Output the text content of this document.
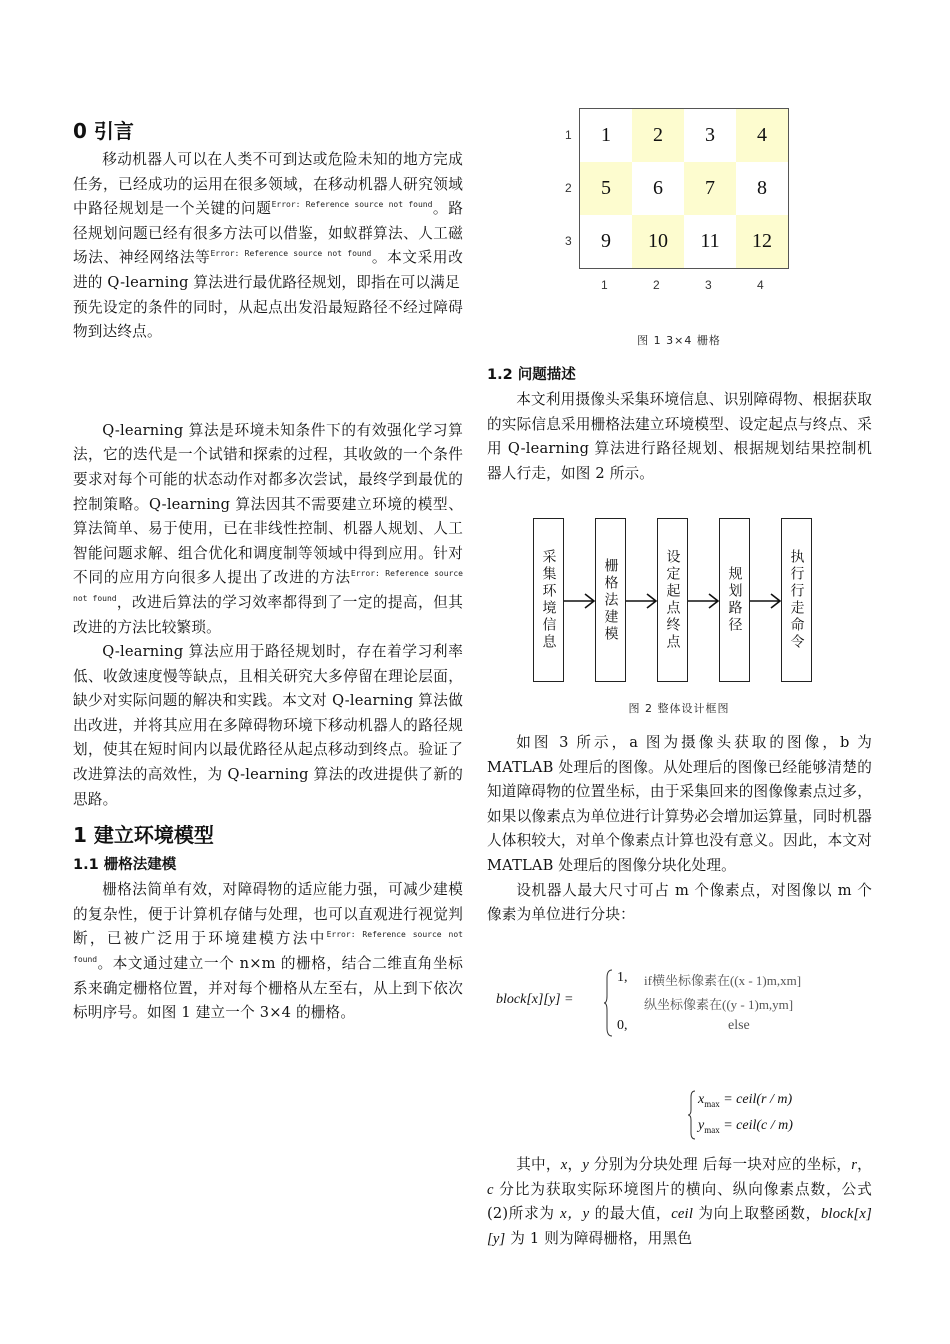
0 引言

移动机器人可以在人类不可到达或危险未知的地方完成任务，已经成功的运用在很多领域，在移动机器人研究领域中路径规划是一个关键的问题$^{Error: Reference source not found}$。路径规划问题已经有很多方法可以借鉴，如蚁群算法、人工磁场法、神经网络法等$^{Error: Reference source not found}$。本文采用改进的 Q-learning 算法进行最优路径规划，即指在可以满足

预先设定的条件的同时，从起点出发沿最短路径不经过障碍物到达终点。

Q-learning 算法是环境未知条件下的有效强化学习算法，它的迭代是一个试错和探索的过程，其收敛的一个条件要求对每个可能的状态动作对都多次尝试，最终学到最优的控制策略。Q-learning 算法因其不需要建立环境的模型、算法简单、易于使用，已在非线性控制、机器人规划、人工智能问题求解、组合优化和调度制等领域中得到应用。针对不同的应用方向很多人提出了改进的方法$^{Error: Reference source not found}$，改进后算法的学习效率都得到了一定的提高，但其改进的方法比较繁琐。

Q-learning 算法应用于路径规划时，存在着学习利率低、收敛速度慢等缺点，且相关研究大多停留在理论层面，缺少对实际问题的解决和实践。本文对 Q-learning 算法做出改进，并将其应用在多障碍物环境下移动机器人的路径规划，使其在短时间内以最优路径从起点移动到终点。验证了改进算法的高效性，为 Q-learning 算法的改进提供了新的思路。

1 建立环境模型
1.1 栅格法建模

栅格法简单有效，对障碍物的适应能力强，可减少建模的复杂性，便于计算机存储与处理，也可以直观进行视觉判断，已被广泛用于环境建模方法中$^{Error: Reference source not found}$。本文通过建立一个 n×m 的栅格，结合二维直角坐标系来确定栅格位置，并对每个栅格从左至右，从上到下依次标明序号。如图 1 建立一个 3×4 的栅格。

1	2	3	4
5	6	7	8
9	10	11	12
1
2
3
1	2	3	4
图 1 3×4 栅格
1.2 问题描述

本文利用摄像头采集环境信息、识别障碍物、根据获取的实际信息采用栅格法建立环境模型、设定起点与终点、采用 Q-learning 算法进行路径规划、根据规划结果控制机器人行走，如图 2 所示。

采集环境信息	栅格法建模	设定起点终点	规划路径	执行行走命令
图 2 整体设计框图

如图 3 所示，a 图为摄像头获取的图像，b 为 MATLAB 处理后的图像。从处理后的图像已经能够清楚的知道障碍物的位置坐标，由于采集回来的图像像素点过多，如果以像素点为单位进行计算势必会增加运算量，同时机器人体积较大，对单个像素点计算也没有意义。因此，本文对 MATLAB 处理后的图像分块化处理。

设机器人最大尺寸可占 m 个像素点，对图像以 m 个像素为单位进行分块：

block[x][y] =
1, if横坐标像素在((x - 1)m,xm]
纵坐标像素在((y - 1)m,ym]
0,	else
$x_{max}$ = ceil(r / m)
$y_{max}$ = ceil(c / m)

其中，x，y 分别为分块处理 后每一块对应的坐标，r，c 分比为获取实际环境图片的横向、纵向像素点数，公式(2)所求为 x，y 的最大值，ceil 为向上取整函数，block[x][y] 为 1 则为障碍栅格，用黑色
